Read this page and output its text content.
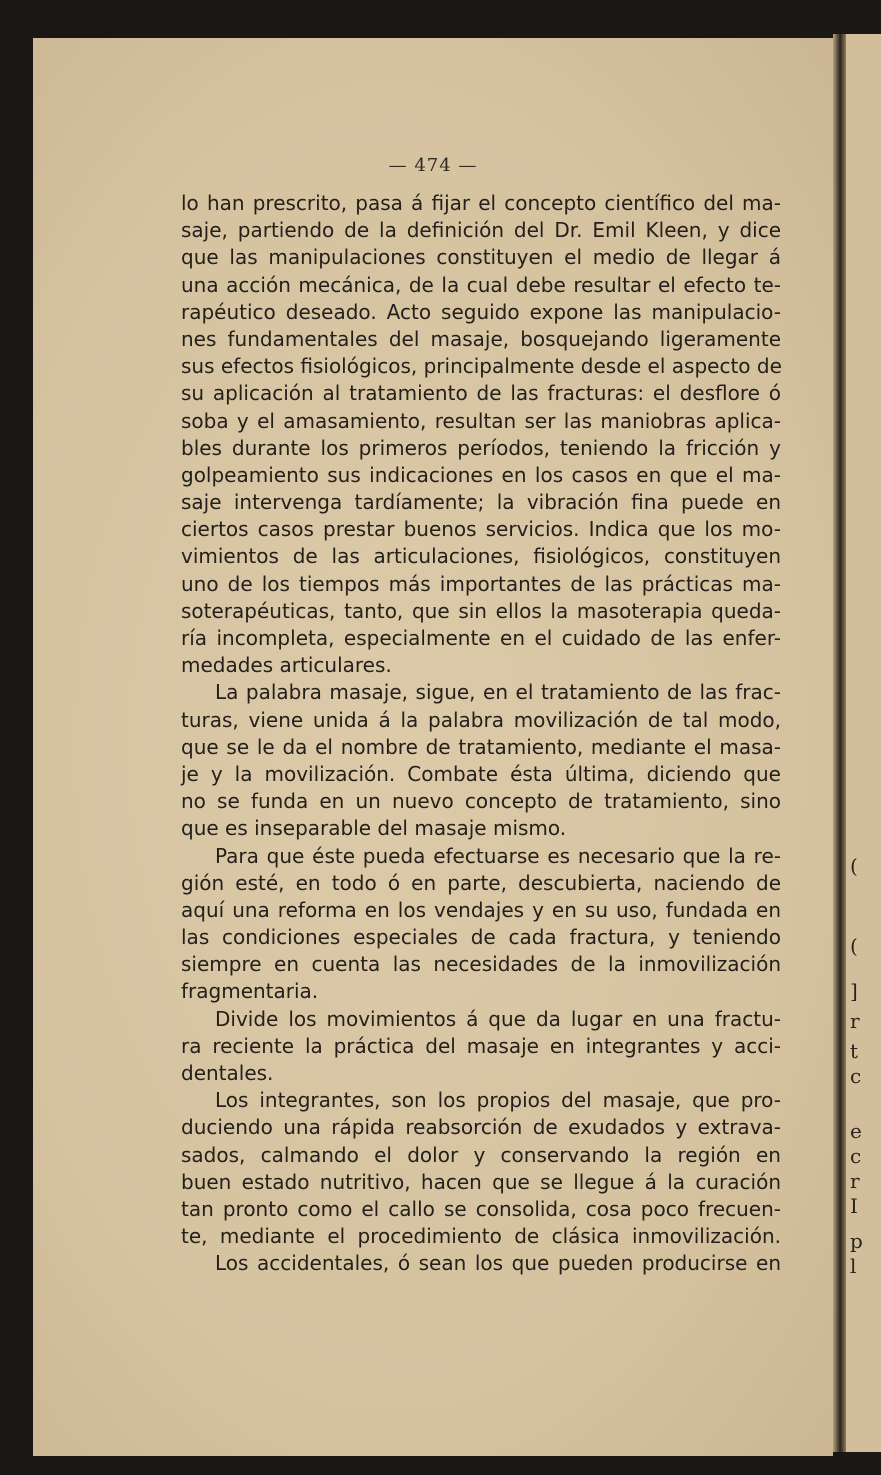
— 474 —
lo han prescrito, pasa á fijar el concepto científico del ma-
saje, partiendo de la definición del Dr. Emil Kleen, y dice
que las manipulaciones constituyen el medio de llegar á
una acción mecánica, de la cual debe resultar el efecto te-
rapéutico deseado. Acto seguido expone las manipulacio-
nes fundamentales del masaje, bosquejando ligeramente
sus efectos fisiológicos, principalmente desde el aspecto de
su aplicación al tratamiento de las fracturas: el desflore ó
soba y el amasamiento, resultan ser las maniobras aplica-
bles durante los primeros períodos, teniendo la fricción y
golpeamiento sus indicaciones en los casos en que el ma-
saje intervenga tardíamente; la vibración fina puede en
ciertos casos prestar buenos servicios. Indica que los mo-
vimientos de las articulaciones, fisiológicos, constituyen
uno de los tiempos más importantes de las prácticas ma-
soterapéuticas, tanto, que sin ellos la masoterapia queda-
ría incompleta, especialmente en el cuidado de las enfer-
medades articulares.
La palabra masaje, sigue, en el tratamiento de las frac-
turas, viene unida á la palabra movilización de tal modo,
que se le da el nombre de tratamiento, mediante el masa-
je y la movilización. Combate ésta última, diciendo que
no se funda en un nuevo concepto de tratamiento, sino
que es inseparable del masaje mismo.
Para que éste pueda efectuarse es necesario que la re-
gión esté, en todo ó en parte, descubierta, naciendo de
aquí una reforma en los vendajes y en su uso, fundada en
las condiciones especiales de cada fractura, y teniendo
siempre en cuenta las necesidades de la inmovilización
fragmentaria.
Divide los movimientos á que da lugar en una fractu-
ra reciente la práctica del masaje en integrantes y acci-
dentales.
Los integrantes, son los propios del masaje, que pro-
duciendo una rápida reabsorción de exudados y extrava-
sados, calmando el dolor y conservando la región en
buen estado nutritivo, hacen que se llegue á la curación
tan pronto como el callo se consolida, cosa poco frecuen-
te, mediante el procedimiento de clásica inmovilización.
Los accidentales, ó sean los que pueden producirse en
(
(
]
r
t
c
e
c
r
I
p
l
